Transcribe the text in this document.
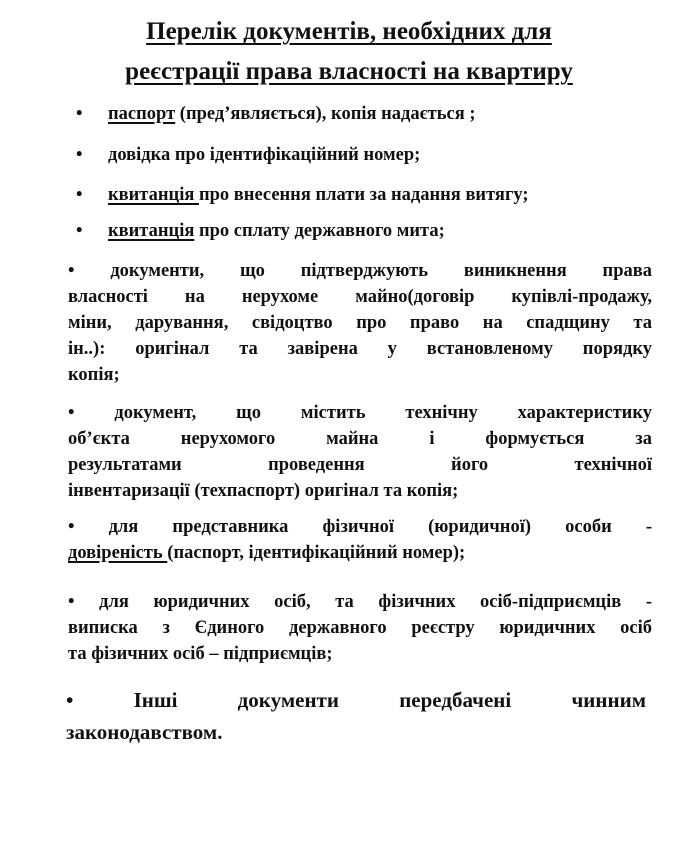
Перелік документів, необхідних для
реєстрації права власності на квартиру
• паспорт (пред’являється), копія надається ;
• довідка про ідентифікаційний номер;
• квитанція про внесення плати за надання витягу;
• квитанція про сплату державного мита;
• документи, що підтверджують виникнення права
власності на нерухоме майно(договір купівлі-продажу,
міни, дарування, свідоцтво про право на спадщину та
ін..): оригінал та завірена у встановленому порядку
копія;
• документ, що містить технічну характеристику
об’єкта нерухомого майна і формується за
результатами проведення його технічної
інвентаризації (техпаспорт) оригінал та копія;
• для представника фізичної (юридичної) особи -
довіреність (паспорт, ідентифікаційний номер);
• для юридичних осіб, та фізичних осіб-підприємців -
виписка з Єдиного державного реєстру юридичних осіб
та фізичних осіб – підприємців;
• Інші документи передбачені чинним
законодавством.
